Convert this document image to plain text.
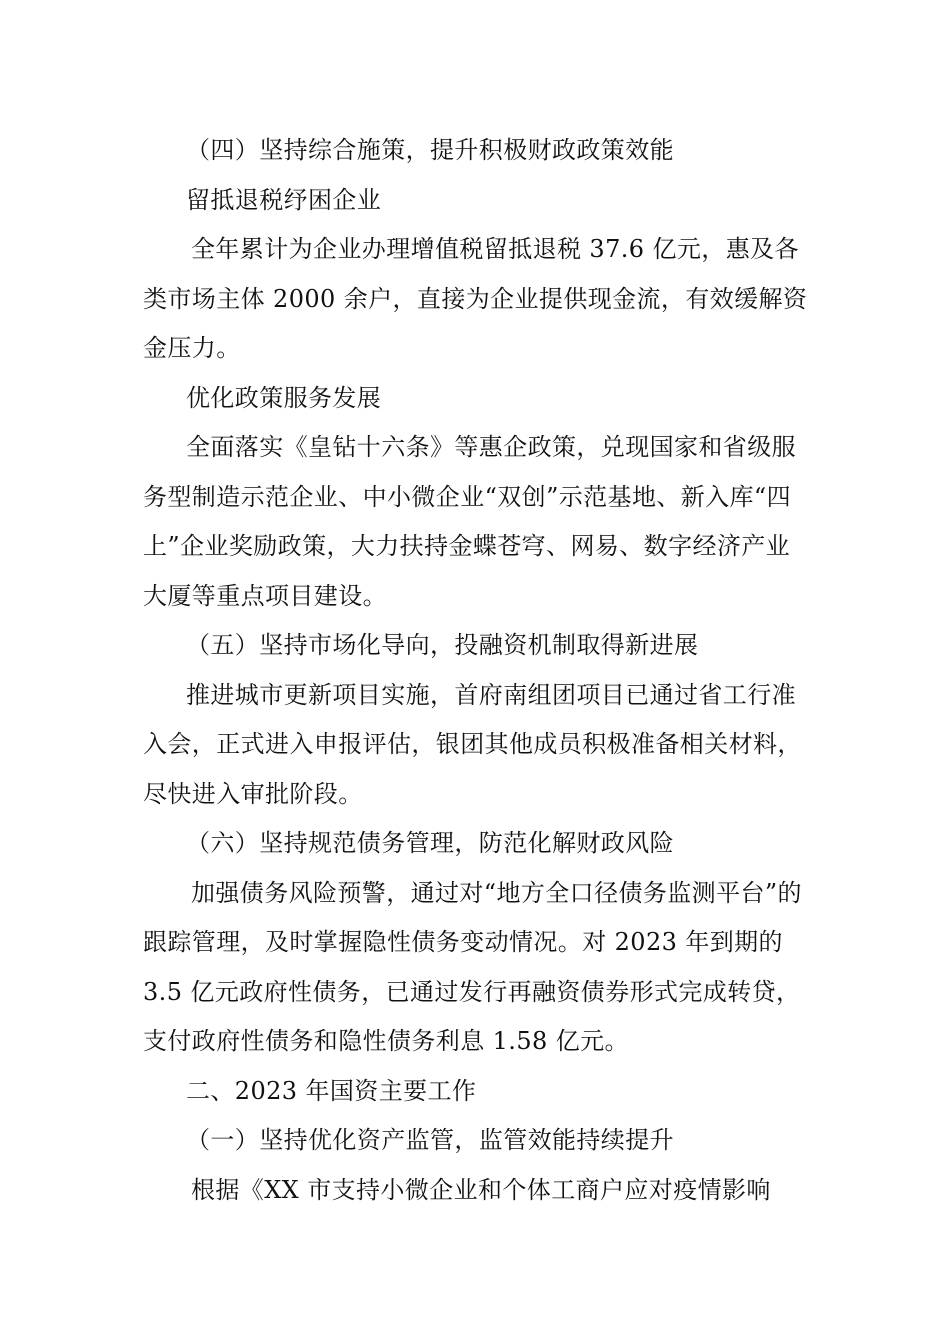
（四）坚持综合施策，提升积极财政政策效能

留抵退税纾困企业

全年累计为企业办理增值税留抵退税 37.6 亿元，惠及各类市场主体 2000 余户，直接为企业提供现金流，有效缓解资金压力。

优化政策服务发展

全面落实《皇钻十六条》等惠企政策，兑现国家和省级服务型制造示范企业、中小微企业“双创”示范基地、新入库“四上”企业奖励政策，大力扶持金蝶苍穹、网易、数字经济产业大厦等重点项目建设。

（五）坚持市场化导向，投融资机制取得新进展

推进城市更新项目实施，首府南组团项目已通过省工行准入会，正式进入申报评估，银团其他成员积极准备相关材料，尽快进入审批阶段。

（六）坚持规范债务管理，防范化解财政风险

加强债务风险预警，通过对“地方全口径债务监测平台”的跟踪管理，及时掌握隐性债务变动情况。对 2023 年到期的 3.5 亿元政府性债务，已通过发行再融资债券形式完成转贷，支付政府性债务和隐性债务利息 1.58 亿元。

二、2023 年国资主要工作

（一）坚持优化资产监管，监管效能持续提升

根据《XX 市支持小微企业和个体工商户应对疫情影响
